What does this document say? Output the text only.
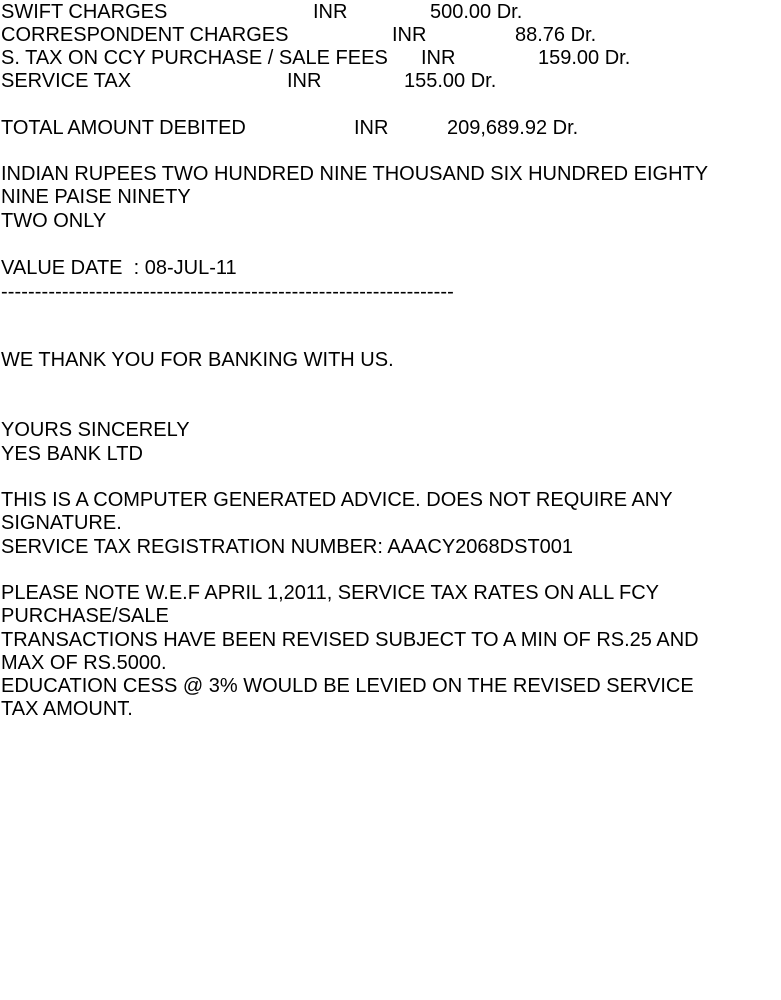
SWIFT CHARGES	INR	500.00 Dr.
CORRESPONDENT CHARGES	INR	88.76 Dr.
S. TAX ON CCY PURCHASE / SALE FEES INR	159.00 Dr.
SERVICE TAX	INR	155.00 Dr.
TOTAL AMOUNT DEBITED	INR	209,689.92 Dr.
INDIAN RUPEES TWO HUNDRED NINE THOUSAND SIX HUNDRED EIGHTY
NINE PAISE NINETY
TWO ONLY
VALUE DATE  : 08-JUL-11
-------------------------------------------------------------------
WE THANK YOU FOR BANKING WITH US.
YOURS SINCERELY
YES BANK LTD
THIS IS A COMPUTER GENERATED ADVICE. DOES NOT REQUIRE ANY
SIGNATURE.
SERVICE TAX REGISTRATION NUMBER: AAACY2068DST001
PLEASE NOTE W.E.F APRIL 1,2011, SERVICE TAX RATES ON ALL FCY
PURCHASE/SALE
TRANSACTIONS HAVE BEEN REVISED SUBJECT TO A MIN OF RS.25 AND
MAX OF RS.5000.
EDUCATION CESS @ 3% WOULD BE LEVIED ON THE REVISED SERVICE
TAX AMOUNT.
